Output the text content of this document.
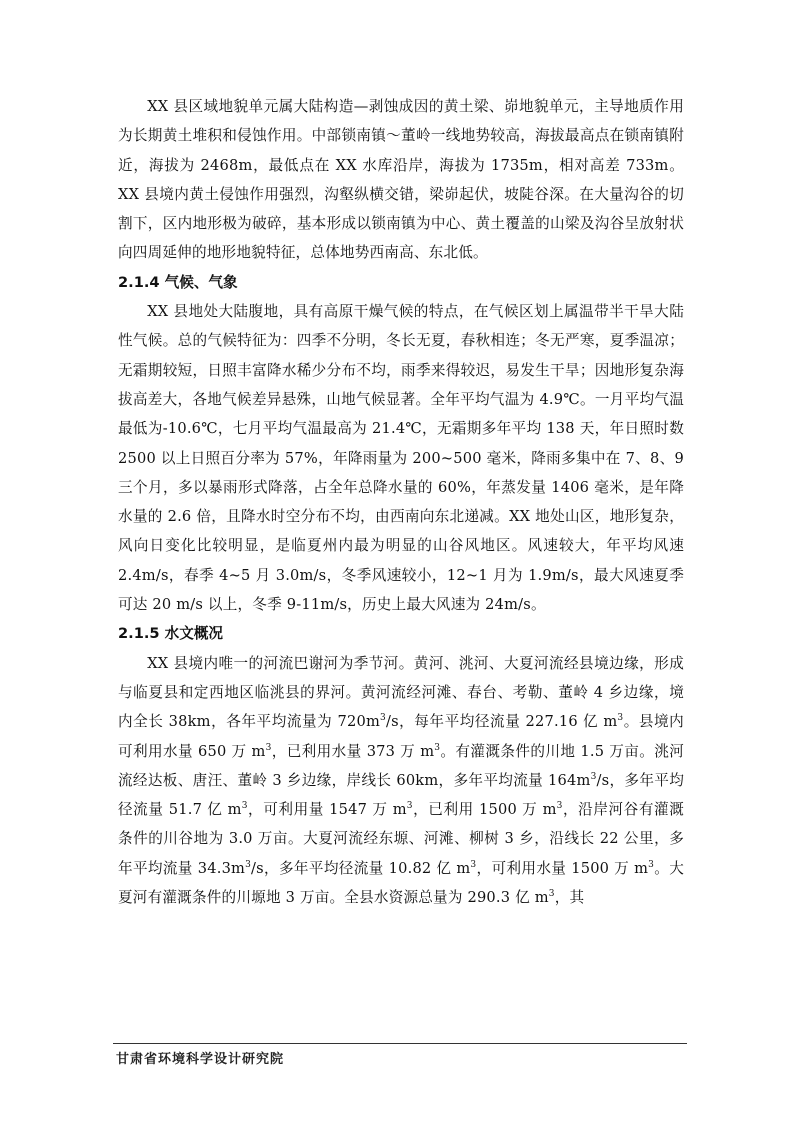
XX 县区域地貌单元属大陆构造—剥蚀成因的黄土梁、峁地貌单元，主导地质作用为长期黄土堆积和侵蚀作用。中部锁南镇～董岭一线地势较高，海拔最高点在锁南镇附近，海拔为 2468m，最低点在 XX 水库沿岸，海拔为 1735m，相对高差 733m。XX 县境内黄土侵蚀作用强烈，沟壑纵横交错，梁峁起伏，坡陡谷深。在大量沟谷的切割下，区内地形极为破碎，基本形成以锁南镇为中心、黄土覆盖的山梁及沟谷呈放射状向四周延伸的地形地貌特征，总体地势西南高、东北低。

2.1.4 气候、气象

XX 县地处大陆腹地，具有高原干燥气候的特点，在气候区划上属温带半干旱大陆性气候。总的气候特征为：四季不分明，冬长无夏，春秋相连；冬无严寒，夏季温凉；无霜期较短，日照丰富降水稀少分布不均，雨季来得较迟，易发生干旱；因地形复杂海拔高差大，各地气候差异悬殊，山地气候显著。全年平均气温为 4.9℃。一月平均气温最低为-10.6℃，七月平均气温最高为 21.4℃，无霜期多年平均 138 天，年日照时数 2500 以上日照百分率为 57%，年降雨量为 200~500 毫米，降雨多集中在 7、8、9 三个月，多以暴雨形式降落，占全年总降水量的 60%，年蒸发量 1406 毫米，是年降水量的 2.6 倍，且降水时空分布不均，由西南向东北递减。XX 地处山区，地形复杂，风向日变化比较明显，是临夏州内最为明显的山谷风地区。风速较大，年平均风速 2.4m/s，春季 4~5 月 3.0m/s，冬季风速较小，12~1 月为 1.9m/s，最大风速夏季可达 20 m/s 以上，冬季 9-11m/s，历史上最大风速为 24m/s。

2.1.5 水文概况

XX 县境内唯一的河流巴谢河为季节河。黄河、洮河、大夏河流经县境边缘，形成与临夏县和定西地区临洮县的界河。黄河流经河滩、春台、考勒、董岭 4 乡边缘，境内全长 38km，各年平均流量为 $720m^3/s$，每年平均径流量 227.16 亿 $m^3$。县境内可利用水量 650 万 $m^3$，已利用水量 373 万 $m^3$。有灌溉条件的川地 1.5 万亩。洮河流经达板、唐汪、董岭 3 乡边缘，岸线长 60km，多年平均流量 $164m^3/s$，多年平均径流量 51.7 亿 $m^3$，可利用量 1547 万 $m^3$，已利用 1500 万 $m^3$，沿岸河谷有灌溉条件的川谷地为 3.0 万亩。大夏河流经东塬、河滩、柳树 3 乡，沿线长 22 公里，多年平均流量 $34.3m^3/s$，多年平均径流量 10.82 亿 $m^3$，可利用水量 1500 万 $m^3$。大夏河有灌溉条件的川塬地 3 万亩。全县水资源总量为 290.3 亿 $m^3$，其

甘肃省环境科学设计研究院
